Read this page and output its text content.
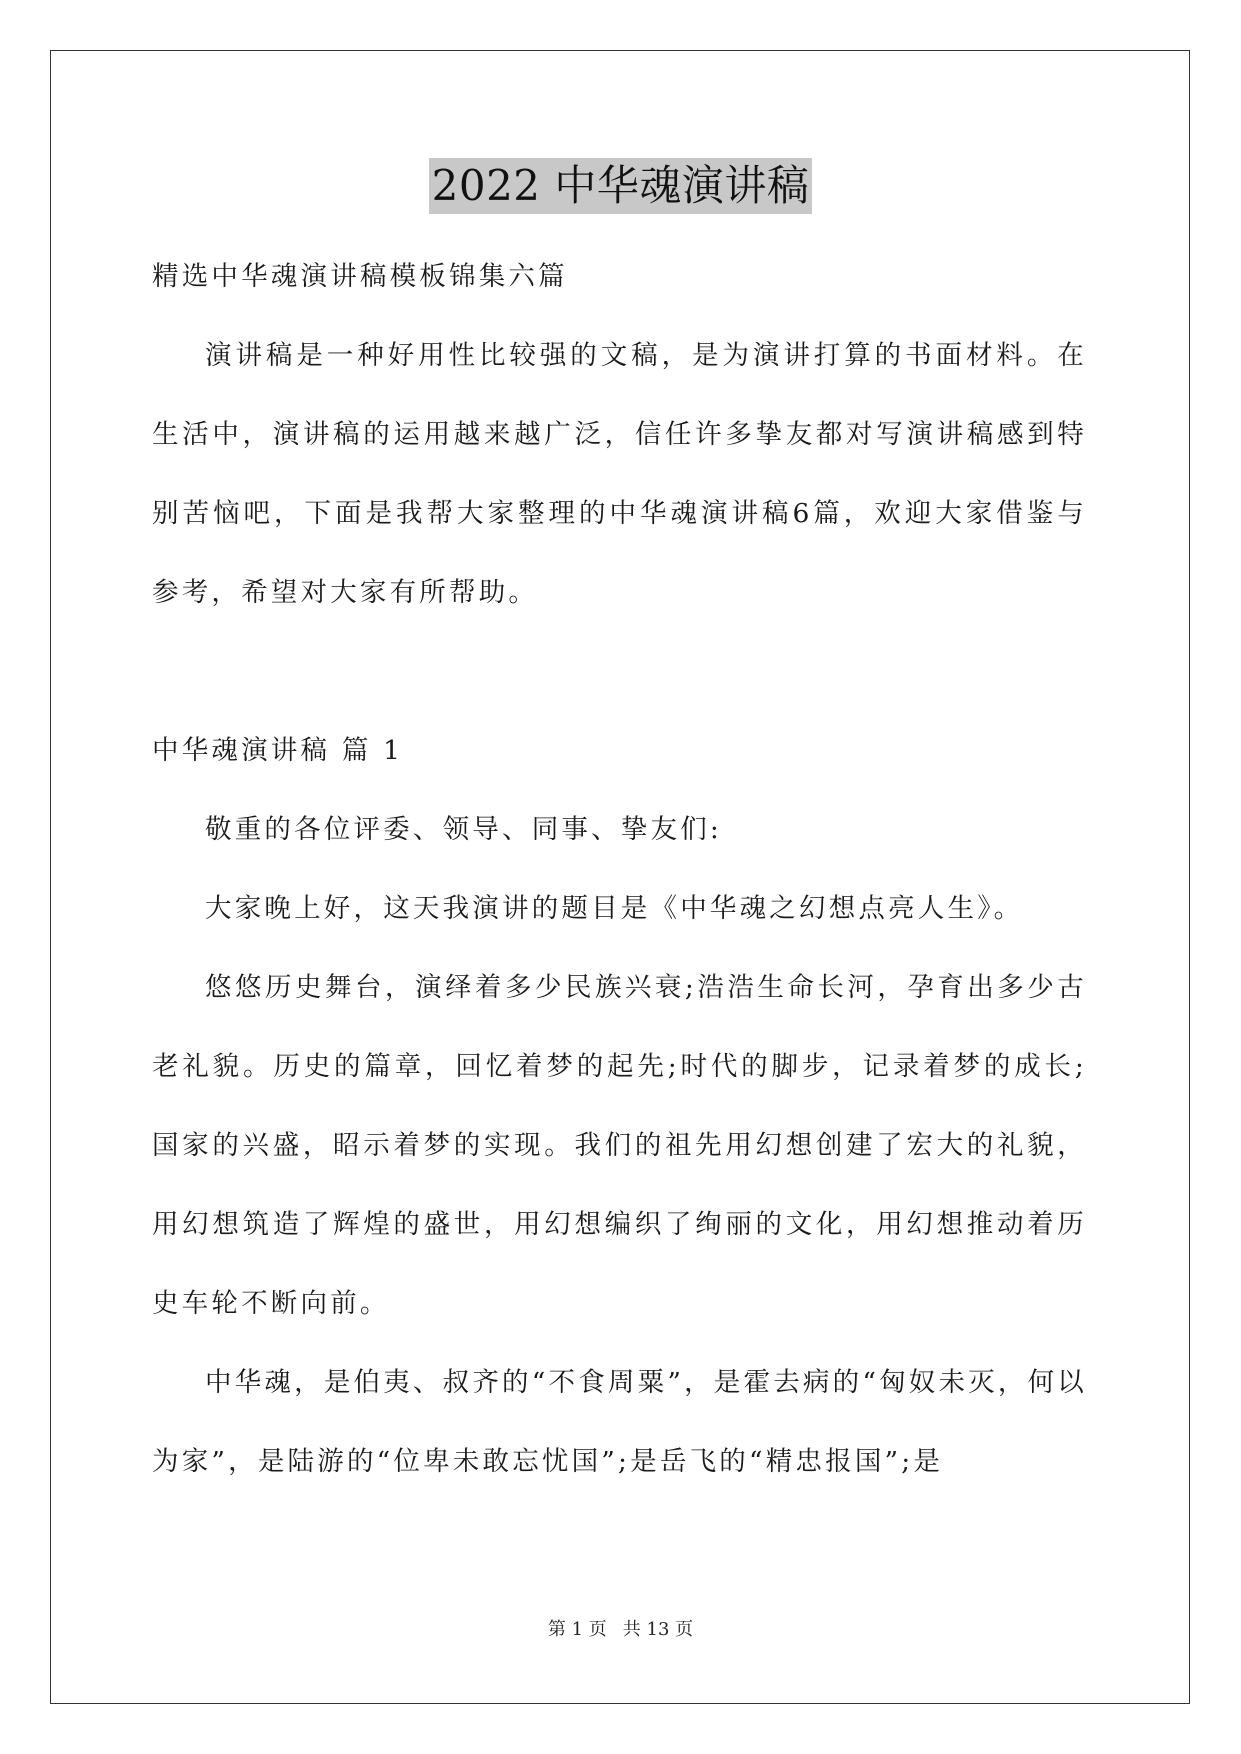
2022 中华魂演讲稿

精选中华魂演讲稿模板锦集六篇

演讲稿是一种好用性比较强的文稿，是为演讲打算的书面材料。在生活中，演讲稿的运用越来越广泛，信任许多挚友都对写演讲稿感到特别苦恼吧，下面是我帮大家整理的中华魂演讲稿6篇，欢迎大家借鉴与参考，希望对大家有所帮助。

中华魂演讲稿 篇 1

敬重的各位评委、领导、同事、挚友们:

大家晚上好，这天我演讲的题目是《中华魂之幻想点亮人生》。

悠悠历史舞台，演绎着多少民族兴衰;浩浩生命长河，孕育出多少古老礼貌。历史的篇章，回忆着梦的起先;时代的脚步，记录着梦的成长;国家的兴盛，昭示着梦的实现。我们的祖先用幻想创建了宏大的礼貌，用幻想筑造了辉煌的盛世，用幻想编织了绚丽的文化，用幻想推动着历史车轮不断向前。

中华魂，是伯夷、叔齐的“不食周粟”，是霍去病的“匈奴未灭，何以为家”，是陆游的“位卑未敢忘忧国”;是岳飞的“精忠报国”;是

第 1 页 共 13 页
